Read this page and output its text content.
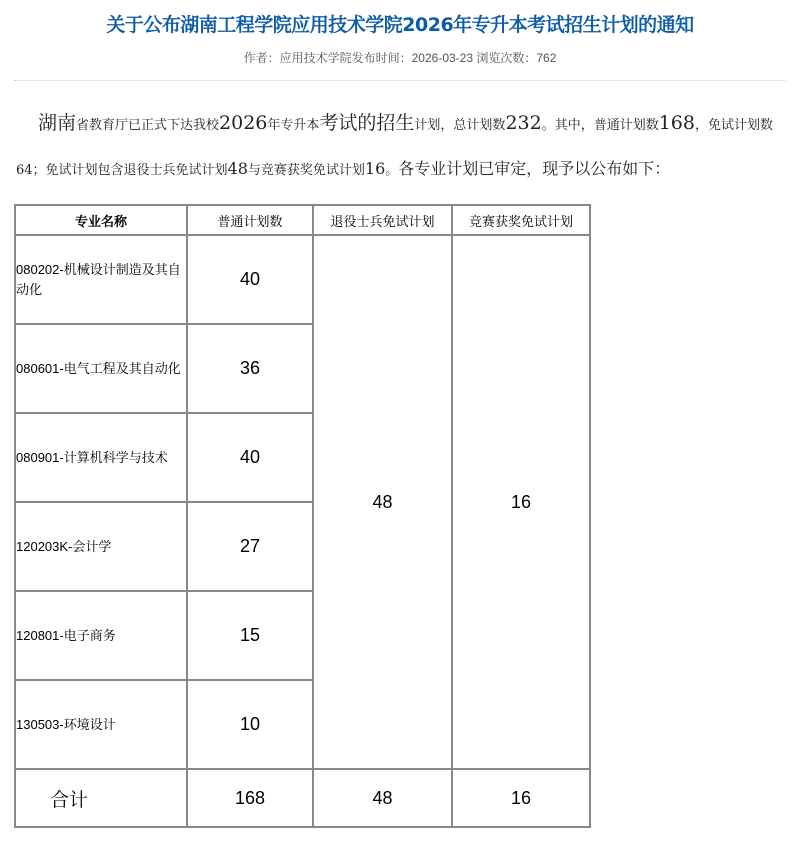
关于公布湖南工程学院应用技术学院2026年专升本考试招生计划的通知
作者：应用技术学院发布时间：2026-03-23 浏览次数：762
湖南省教育厅已正式下达我校2026年专升本考试的招生计划，总计划数232。其中，普通计划数168，免试计划数64；免试计划包含退役士兵免试计划48与竞赛获奖免试计划16。各专业计划已审定，现予以公布如下：
专业名称	普通计划数	退役士兵免试计划	竞赛获奖免试计划
080202-机械设计制造及其自动化	40	48	16
080601-电气工程及其自动化	36		
080901-计算机科学与技术	40		
120203K-会计学	27		
120801-电子商务	15		
130503-环境设计	10		
合计	168	48	16
